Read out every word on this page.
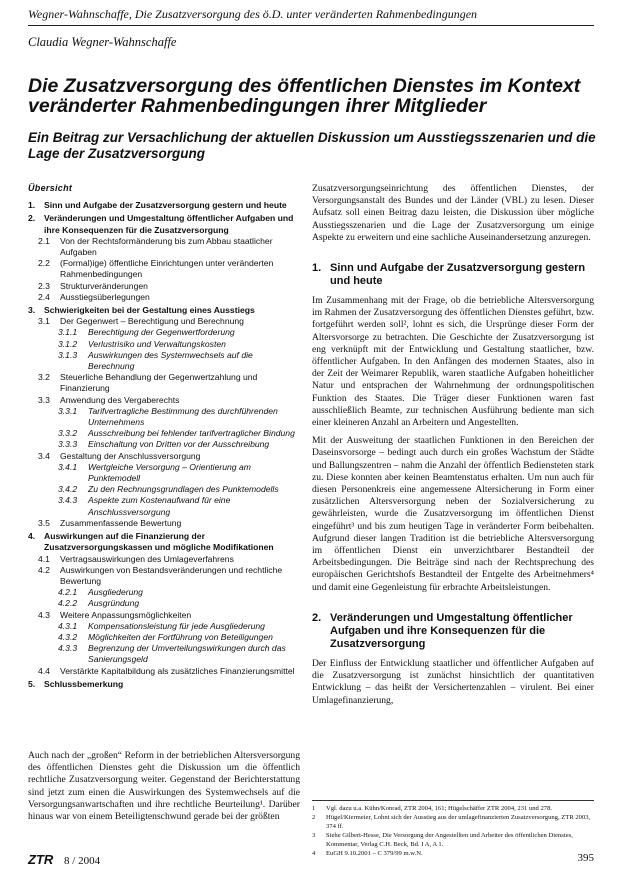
Wegner-Wahnschaffe, Die Zusatzversorgung des ö.D. unter veränderten Rahmenbedingungen
Claudia Wegner-Wahnschaffe
Die Zusatzversorgung des öffentlichen Dienstes im Kontext veränderter Rahmenbedingungen ihrer Mitglieder
Ein Beitrag zur Versachlichung der aktuellen Diskussion um Ausstiegsszenarien und die Lage der Zusatzversorgung
Übersicht
1.	Sinn und Aufgabe der Zusatzversorgung gestern und heute
2.	Veränderungen und Umgestaltung öffentlicher Aufgaben und ihre Konsequenzen für die Zusatzversorgung
2.1	Von der Rechtsformänderung bis zum Abbau staatlicher Aufgaben
2.2	(Formal)ige) öffentliche Einrichtungen unter veränderten Rahmenbedingungen
2.3	Strukturveränderungen
2.4	Ausstiegsüberlegungen
3.	Schwierigkeiten bei der Gestaltung eines Ausstiegs
3.1	Der Gegenwert – Berechtigung und Berechnung
3.1.1	Berechtigung der Gegenwertforderung
3.1.2	Verlustrisiko und Verwaltungskosten
3.1.3	Auswirkungen des Systemwechsels auf die Berechnung
3.2	Steuerliche Behandlung der Gegenwertzahlung und Finanzierung
3.3	Anwendung des Vergaberechts
3.3.1	Tarifvertragliche Bestimmung des durchführenden Unternehmens
3.3.2	Ausschreibung bei fehlender tarifvertraglicher Bindung
3.3.3	Einschaltung von Dritten vor der Ausschreibung
3.4	Gestaltung der Anschlussversorgung
3.4.1	Wertgleiche Versorgung – Orientierung am Punktemodell
3.4.2	Zu den Rechnungsgrundlagen des Punktemodells
3.4.3	Aspekte zum Kostenaufwand für eine Anschlussversorgung
3.5	Zusammenfassende Bewertung
4.	Auswirkungen auf die Finanzierung der Zusatzversorgungskassen und mögliche Modifikationen
4.1	Vertragsauswirkungen des Umlageverfahrens
4.2	Auswirkungen von Bestandsveränderungen und rechtliche Bewertung
4.2.1	Ausgliederung
4.2.2	Ausgründung
4.3	Weitere Anpassungsmöglichkeiten
4.3.1	Kompensationsleistung für jede Ausgliederung
4.3.2	Möglichkeiten der Fortführung von Beteiligungen
4.3.3	Begrenzung der Umverteilungswirkungen durch das Sanierungsgeld
4.4	Verstärkte Kapitalbildung als zusätzliches Finanzierungsmittel
5.	Schlussbemerkung
Auch nach der „großen“ Reform in der betrieblichen Altersversorgung des öffentlichen Dienstes geht die Diskussion um die öffentlich rechtliche Zusatzversorgung weiter. Gegenstand der Berichterstattung sind jetzt zum einen die Auswirkungen des Systemwechsels auf die Versorgungsanwartschaften und ihre rechtliche Beurteilung¹. Darüber hinaus war von einem Beteiligtenschwund gerade bei der größten

Zusatzversorgungseinrichtung des öffentlichen Dienstes, der Versorgungsanstalt des Bundes und der Länder (VBL) zu lesen. Dieser Aufsatz soll einen Beitrag dazu leisten, die Diskussion über mögliche Ausstiegsszenarien und die Lage der Zusatzversorgung um einige Aspekte zu erweitern und eine sachliche Auseinandersetzung anzuregen.

1. Sinn und Aufgabe der Zusatzversorgung gestern und heute

Im Zusammenhang mit der Frage, ob die betriebliche Altersversorgung im Rahmen der Zusatzversorgung des öffentlichen Dienstes geführt, bzw. fortgeführt werden soll², lohnt es sich, die Ursprünge dieser Form der Altersvorsorge zu betrachten. Die Geschichte der Zusatzversorgung ist eng verknüpft mit der Entwicklung und Gestaltung staatlicher, bzw. öffentlicher Aufgaben. In den Anfängen des modernen Staates, also in der Zeit der Weimarer Republik, waren staatliche Aufgaben hoheitlicher Natur und entsprachen der Wahrnehmung der ordnungspolitischen Funktion des Staates. Die Träger dieser Funktionen waren fast ausschließlich Beamte, zur technischen Ausführung bediente man sich einer kleineren Anzahl an Arbeitern und Angestellten.

Mit der Ausweitung der staatlichen Funktionen in den Bereichen der Daseinsvorsorge – bedingt auch durch ein großes Wachstum der Städte und Ballungszentren – nahm die Anzahl der öffentlich Bediensteten stark zu. Diese konnten aber keinen Beamtenstatus erhalten. Um nun auch für diesen Personenkreis eine angemessene Altersicherung in Form einer zusätzlichen Altersversorgung neben der Sozialversicherung zu gewährleisten, wurde die Zusatzversorgung im öffentlichen Dienst eingeführt³ und bis zum heutigen Tage in veränderter Form beibehalten. Aufgrund dieser langen Tradition ist die betriebliche Altersversorgung im öffentlichen Dienst ein unverzichtbarer Bestandteil der Arbeitsbedingungen. Die Beiträge sind nach der Rechtsprechung des europäischen Gerichtshofs Bestandteil der Entgelte des Arbeitnehmers⁴ und damit eine Gegenleistung für erbrachte Arbeitsleistungen.

2. Veränderungen und Umgestaltung öffentlicher Aufgaben und ihre Konsequenzen für die Zusatzversorgung

Der Einfluss der Entwicklung staatlicher und öffentlicher Aufgaben auf die Zusatzversorgung ist zunächst hinsichtlich der quantitativen Entwicklung – das heißt der Versichertenzahlen – virulent. Bei einer Umlagefinanzierung,

1	Vgl. dazu u.a. Kühn/Konrad, ZTR 2004, 161; Hügelschäffer ZTR 2004, 231 und 278.
2	Hügel/Kiermeier, Lohnt sich der Ausstieg aus der umlagefinanzierten Zusatzversorgung, ZTR 2003, 374 ff.
3	Siehe Gilbert-Hesse, Die Versorgung der Angestellten und Arbeiter des öffentlichen Dienstes, Kommentar, Verlag C.H. Beck, Bd. I A, A 1.
4	EuGH 9.10.2001 – C 379/99 m.w.N.
ZTR 8 / 2004	395
